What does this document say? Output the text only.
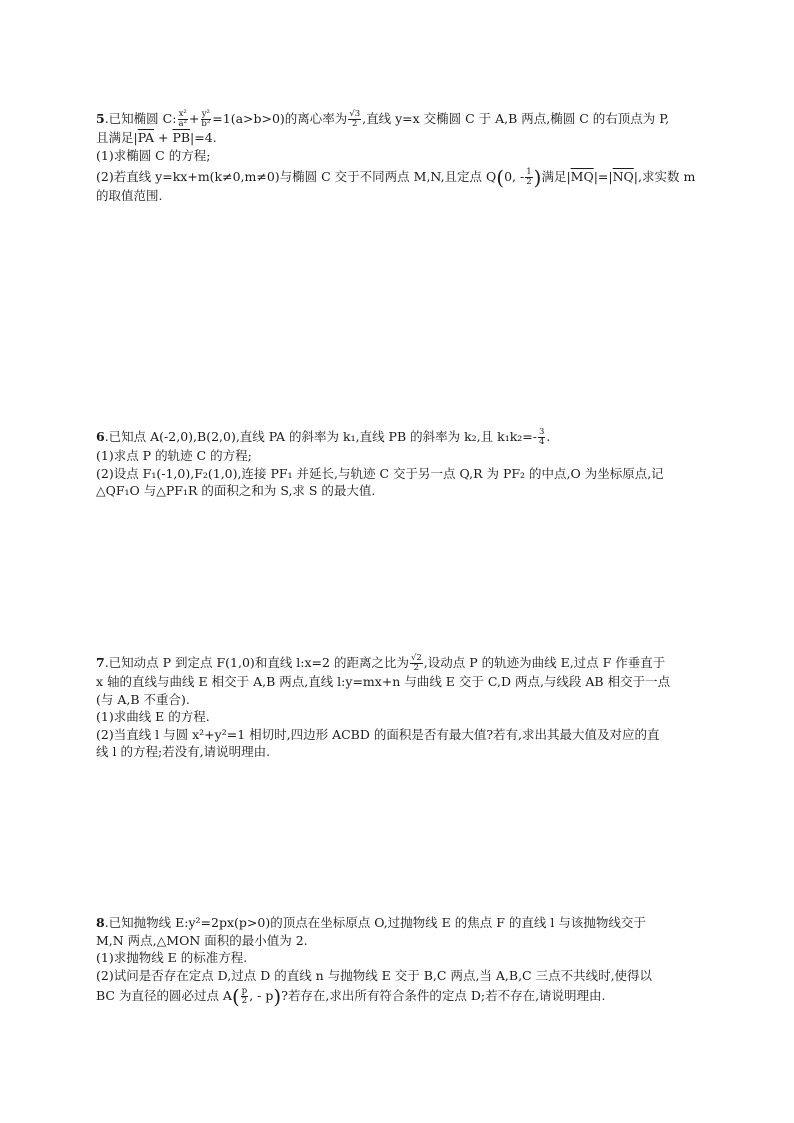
5.已知椭圆 C: $\frac{\text{x²}}{\text{a²}} + \frac{\text{y²}}{\text{b²}} =1(a>b>0)$的离心率为 $\frac{√3}{2}$ ,直线 y=x 交椭圆 C 于 A,B 两点,椭圆 C 的右顶点为 P,
且满足$|\overline{PA} + \overline{PB}|=4$.
(1)求椭圆 C 的方程;
(2)若直线 y=kx+m(k≠0,m≠0)与椭圆 C 交于不同两点 M,N,且定点 Q(0, - $\frac{1}{2}$ )满足$|\overline{MQ}|=|\overline{NQ}|$,求实数 m
的取值范围.
6.已知点 A(-2,0),B(2,0),直线 PA 的斜率为 k₁,直线 PB 的斜率为 k₂,且 $k_1k_2=- \frac{3}{4}$ .
(1)求点 P 的轨迹 C 的方程;
(2)设点 F₁(-1,0),F₂(1,0),连接 PF₁ 并延长,与轨迹 C 交于另一点 Q,R 为 PF₂ 的中点,O 为坐标原点,记
△QF₁O 与△PF₁R 的面积之和为 S,求 S 的最大值.
7.已知动点 P 到定点 F(1,0)和直线 l:x=2 的距离之比为 $\frac{√2}{2}$ ,设动点 P 的轨迹为曲线 E,过点 F 作垂直于
x 轴的直线与曲线 E 相交于 A,B 两点,直线 l:y=mx+n 与曲线 E 交于 C,D 两点,与线段 AB 相交于一点
(与 A,B 不重合).
(1)求曲线 E 的方程.
(2)当直线 l 与圆 x²+y²=1 相切时,四边形 ACBD 的面积是否有最大值?若有,求出其最大值及对应的直
线 l 的方程;若没有,请说明理由.
8.已知抛物线 E:y²=2px(p>0)的顶点在坐标原点 O,过抛物线 E 的焦点 F 的直线 l 与该抛物线交于
M,N 两点,△MON 面积的最小值为 2.
(1)求抛物线 E 的标准方程.
(2)试问是否存在定点 D,过点 D 的直线 n 与抛物线 E 交于 B,C 两点,当 A,B,C 三点不共线时,使得以
BC 为直径的圆必过点 $A( \frac{p}{2}$ , - p)?若存在,求出所有符合条件的定点 D;若不存在,请说明理由.
